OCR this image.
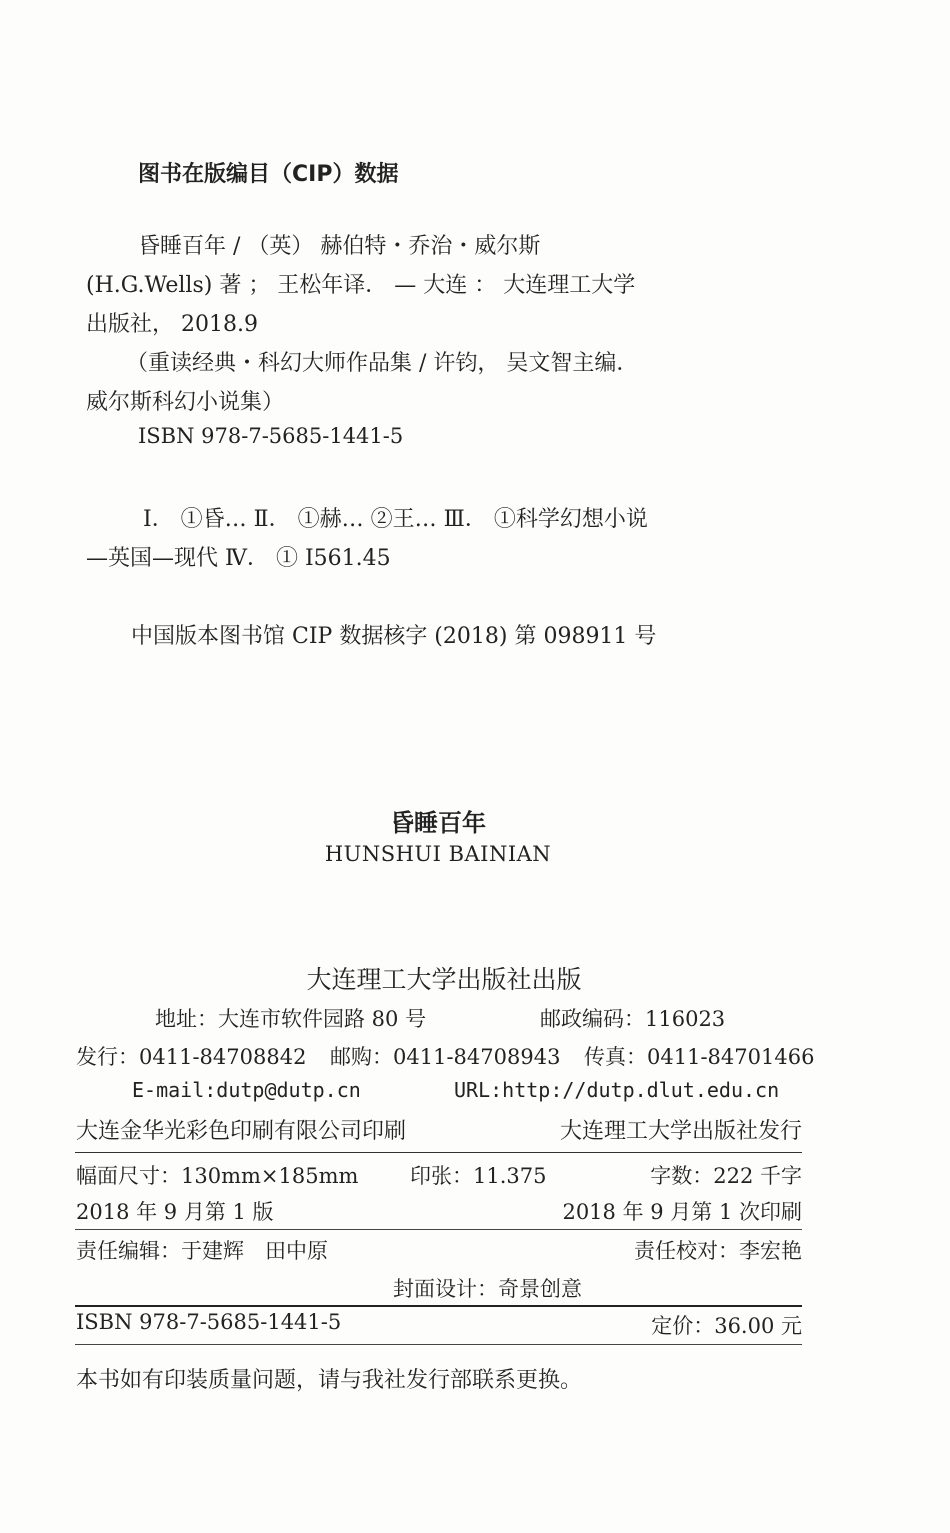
图书在版编目（CIP）数据
昏睡百年 / （英） 赫伯特・乔治・威尔斯
(H.G.Wells) 著 ； 王松年译． — 大连 ： 大连理工大学
出版社， 2018.9
（重读经典・科幻大师作品集 / 许钧， 吴文智主编．
威尔斯科幻小说集）
ISBN 978-7-5685-1441-5
Ⅰ． ①昏… Ⅱ． ①赫… ②王… Ⅲ． ①科学幻想小说
—英国—现代 Ⅳ． ① I561.45
中国版本图书馆 CIP 数据核字 (2018) 第 098911 号
昏睡百年
HUNSHUI BAINIAN
大连理工大学出版社出版
地址：大连市软件园路 80 号	邮政编码：116023
发行：0411-84708842 邮购：0411-84708943 传真：0411-84701466
E-mail:dutp@dutp.cn	URL:http://dutp.dlut.edu.cn
大连金华光彩色印刷有限公司印刷	大连理工大学出版社发行
幅面尺寸：130mm×185mm 印张：11.375	字数：222 千字
2018 年 9 月第 1 版	2018 年 9 月第 1 次印刷
责任编辑：于建辉　田中原	责任校对：李宏艳
封面设计：奇景创意
ISBN 978-7-5685-1441-5	定价：36.00 元
本书如有印装质量问题，请与我社发行部联系更换。
